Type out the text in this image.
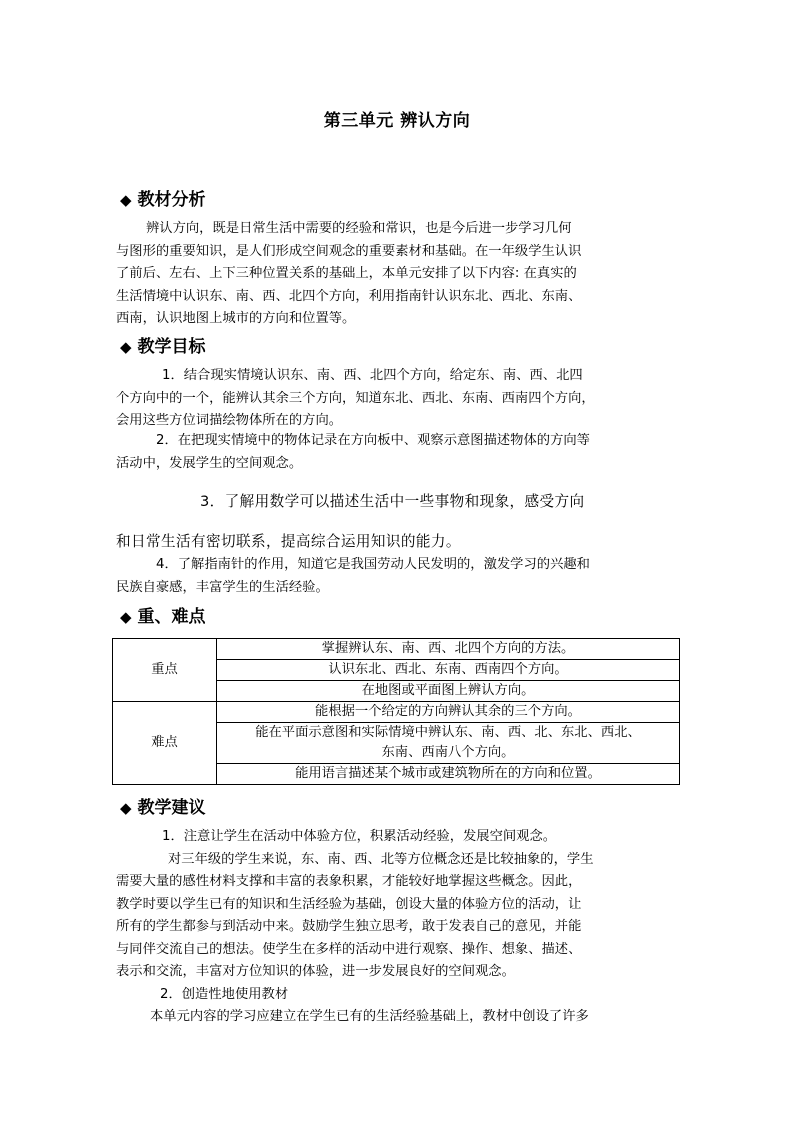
第三单元 辨认方向
◆ 教材分析
辨认方向，既是日常生活中需要的经验和常识，也是今后进一步学习几何
与图形的重要知识，是人们形成空间观念的重要素材和基础。在一年级学生认识
了前后、左右、上下三种位置关系的基础上，本单元安排了以下内容: 在真实的
生活情境中认识东、南、西、北四个方向，利用指南针认识东北、西北、东南、
西南，认识地图上城市的方向和位置等。
◆ 教学目标
1．结合现实情境认识东、南、西、北四个方向，给定东、南、西、北四
个方向中的一个，能辨认其余三个方向，知道东北、西北、东南、西南四个方向，
会用这些方位词描绘物体所在的方向。
2．在把现实情境中的物体记录在方向板中、观察示意图描述物体的方向等
活动中，发展学生的空间观念。
3．了解用数学可以描述生活中一些事物和现象，感受方向
和日常生活有密切联系，提高综合运用知识的能力。
4．了解指南针的作用，知道它是我国劳动人民发明的，激发学习的兴趣和
民族自豪感，丰富学生的生活经验。
◆ 重、难点
重点	掌握辨认东、南、西、北四个方向的方法。
	认识东北、西北、东南、西南四个方向。
	在地图或平面图上辨认方向。
难点	能根据一个给定的方向辨认其余的三个方向。

	能在平面示意图和实际情境中辨认东、南、西、北、东北、西北、
东南、西南八个方向。

	能用语言描述某个城市或建筑物所在的方向和位置。
◆ 教学建议
1．注意让学生在活动中体验方位，积累活动经验，发展空间观念。
对三年级的学生来说，东、南、西、北等方位概念还是比较抽象的，学生
需要大量的感性材料支撑和丰富的表象积累，才能较好地掌握这些概念。因此，
教学时要以学生已有的知识和生活经验为基础，创设大量的体验方位的活动，让
所有的学生都参与到活动中来。鼓励学生独立思考，敢于发表自己的意见，并能
与同伴交流自己的想法。使学生在多样的活动中进行观察、操作、想象、描述、
表示和交流，丰富对方位知识的体验，进一步发展良好的空间观念。
2．创造性地使用教材
本单元内容的学习应建立在学生已有的生活经验基础上，教材中创设了许多
